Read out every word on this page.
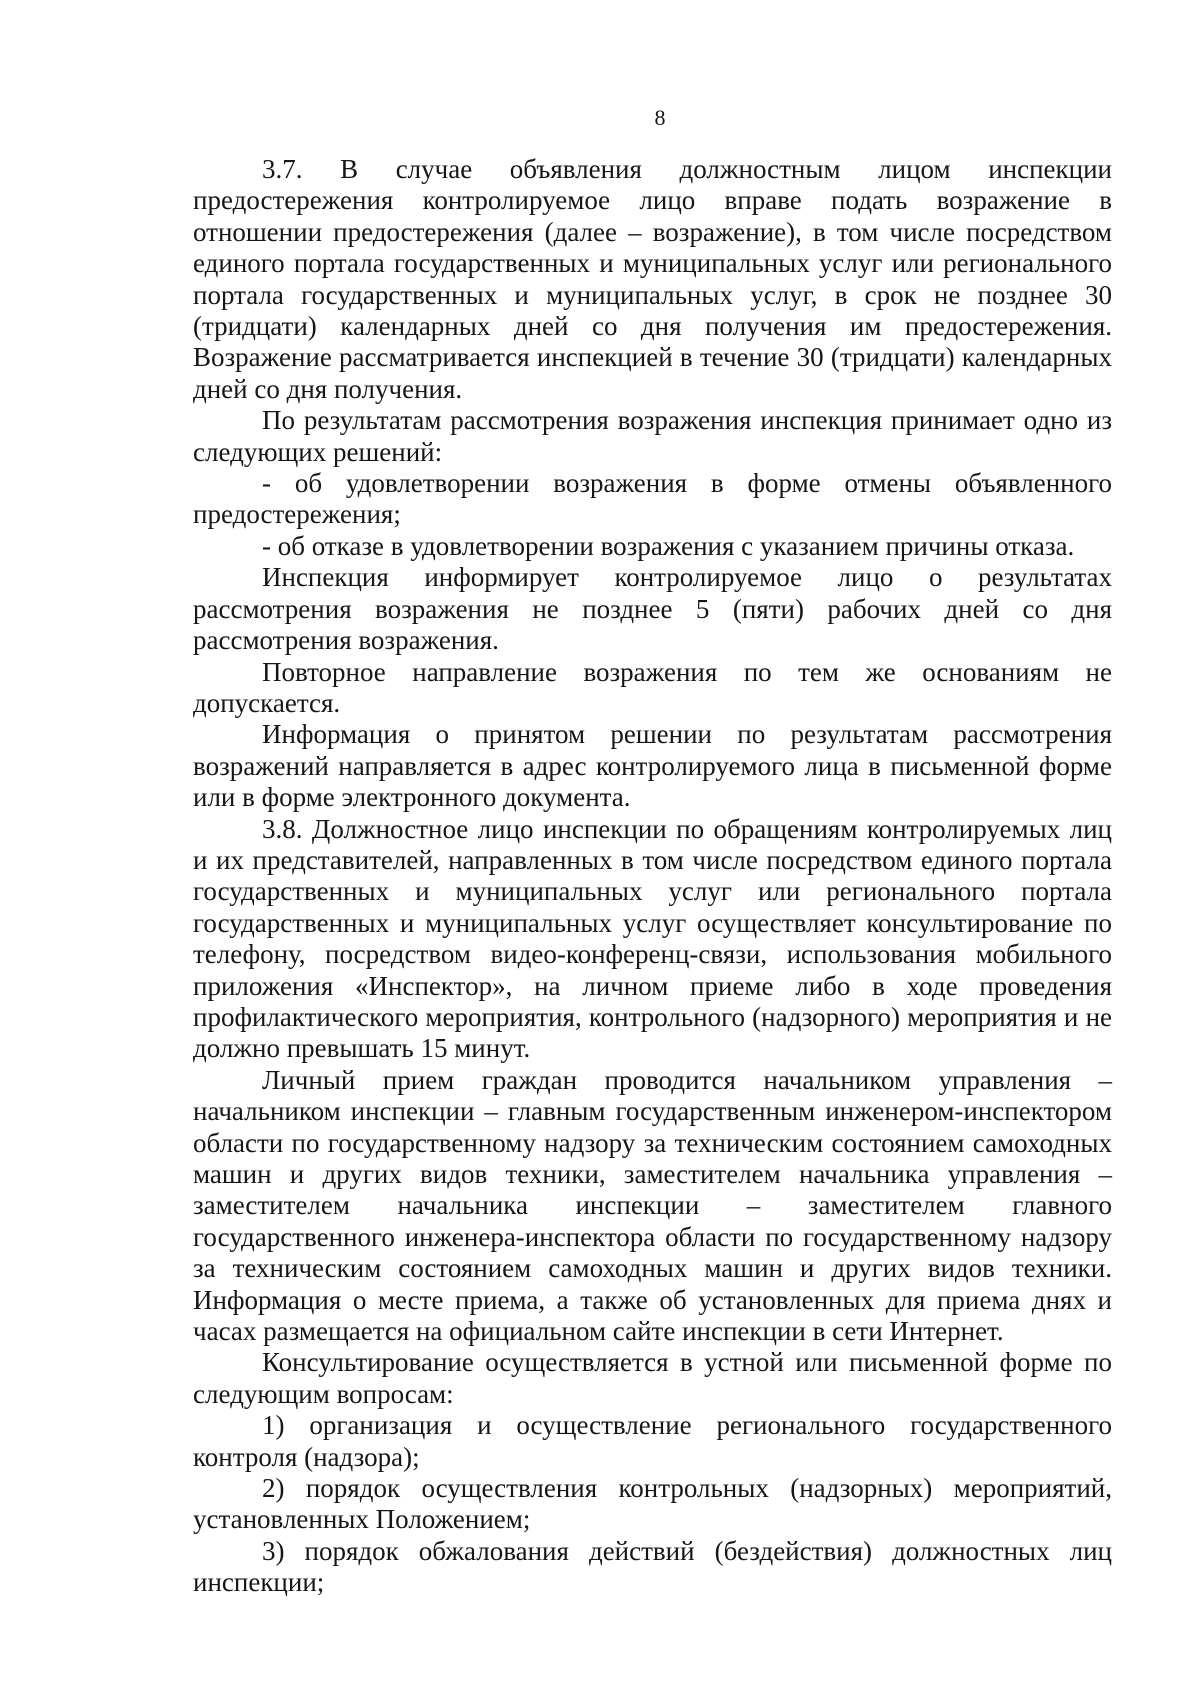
8

3.7. В случае объявления должностным лицом инспекции предостережения контролируемое лицо вправе подать возражение в отношении предостережения (далее – возражение), в том числе посредством единого портала государственных и муниципальных услуг или регионального портала государственных и муниципальных услуг, в срок не позднее 30 (тридцати) календарных дней со дня получения им предостережения. Возражение рассматривается инспекцией в течение 30 (тридцати) календарных дней со дня получения.

По результатам рассмотрения возражения инспекция принимает одно из следующих решений:

- об удовлетворении возражения в форме отмены объявленного предостережения;

- об отказе в удовлетворении возражения с указанием причины отказа.

Инспекция информирует контролируемое лицо о результатах рассмотрения возражения не позднее 5 (пяти) рабочих дней со дня рассмотрения возражения.

Повторное направление возражения по тем же основаниям не допускается.

Информация о принятом решении по результатам рассмотрения возражений направляется в адрес контролируемого лица в письменной форме или в форме электронного документа.

3.8. Должностное лицо инспекции по обращениям контролируемых лиц и их представителей, направленных в том числе посредством единого портала государственных и муниципальных услуг или регионального портала государственных и муниципальных услуг осуществляет консультирование по телефону, посредством видео-конференц-связи, использования мобильного приложения «Инспектор», на личном приеме либо в ходе проведения профилактического мероприятия, контрольного (надзорного) мероприятия и не должно превышать 15 минут.

Личный прием граждан проводится начальником управления – начальником инспекции – главным государственным инженером-инспектором области по государственному надзору за техническим состоянием самоходных машин и других видов техники, заместителем начальника управления – заместителем начальника инспекции – заместителем главного государственного инженера-инспектора области по государственному надзору за техническим состоянием самоходных машин и других видов техники. Информация о месте приема, а также об установленных для приема днях и часах размещается на официальном сайте инспекции в сети Интернет.

Консультирование осуществляется в устной или письменной форме по следующим вопросам:

1) организация и осуществление регионального государственного контроля (надзора);

2) порядок осуществления контрольных (надзорных) мероприятий, установленных Положением;

3) порядок обжалования действий (бездействия) должностных лиц инспекции;
